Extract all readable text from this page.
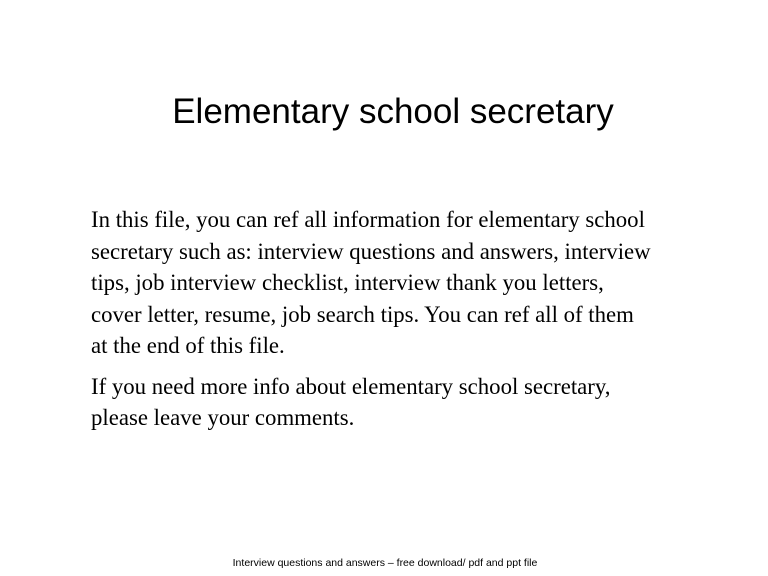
Elementary school secretary

In this file, you can ref all information for elementary school
secretary such as: interview questions and answers, interview
tips, job interview checklist, interview thank you letters,
cover letter, resume, job search tips. You can ref all of them
at the end of this file.

If you need more info about elementary school secretary,
please leave your comments.

Interview questions and answers – free download/ pdf and ppt file
